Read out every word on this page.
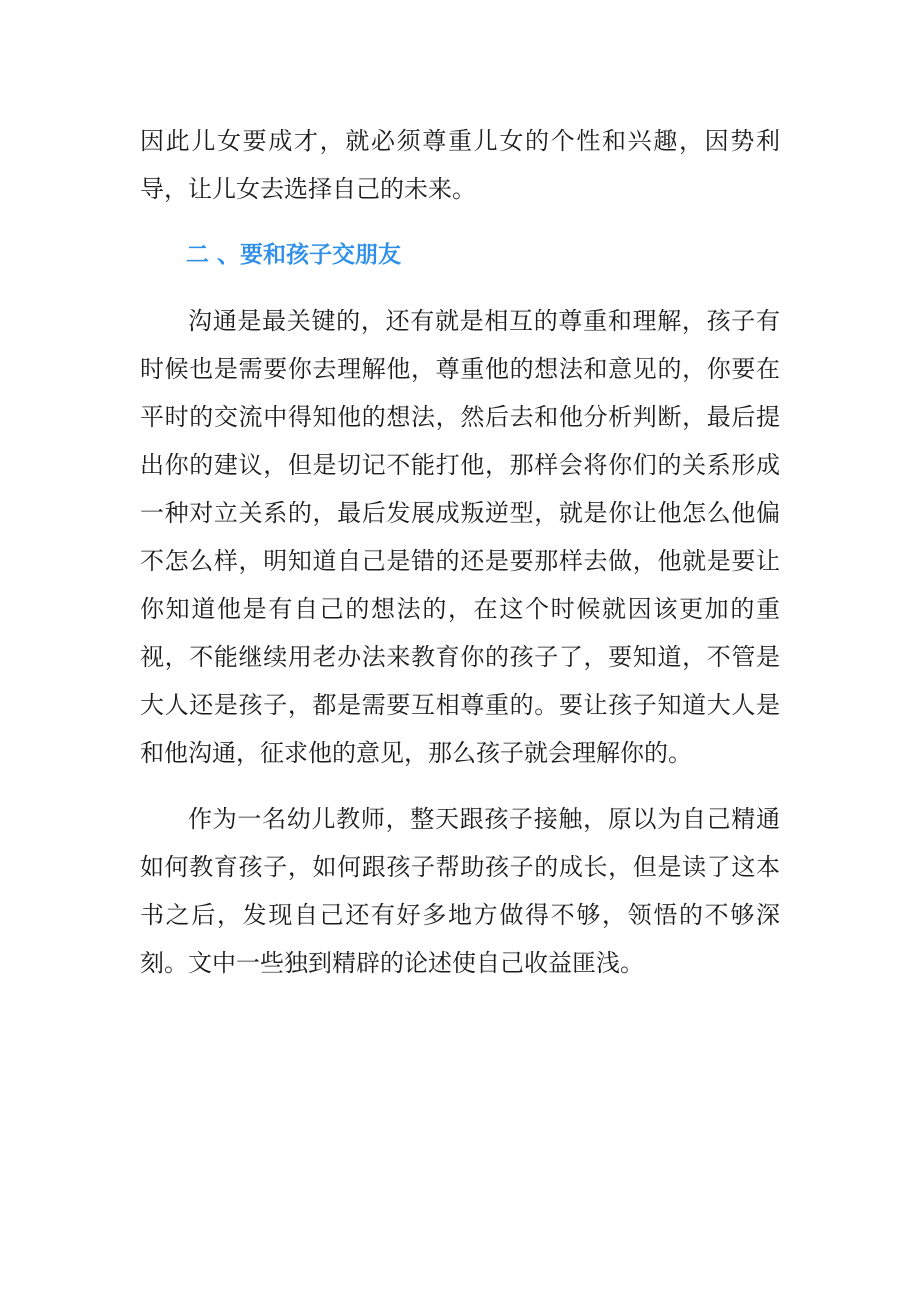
因此儿女要成才，就必须尊重儿女的个性和兴趣，因势利导，让儿女去选择自己的未来。

二 、要和孩子交朋友

沟通是最关键的，还有就是相互的尊重和理解，孩子有时候也是需要你去理解他，尊重他的想法和意见的，你要在平时的交流中得知他的想法，然后去和他分析判断，最后提出你的建议，但是切记不能打他，那样会将你们的关系形成一种对立关系的，最后发展成叛逆型，就是你让他怎么他偏不怎么样，明知道自己是错的还是要那样去做，他就是要让你知道他是有自己的想法的，在这个时候就因该更加的重视，不能继续用老办法来教育你的孩子了，要知道，不管是大人还是孩子，都是需要互相尊重的。要让孩子知道大人是和他沟通，征求他的意见，那么孩子就会理解你的。

作为一名幼儿教师，整天跟孩子接触，原以为自己精通如何教育孩子，如何跟孩子帮助孩子的成长，但是读了这本书之后，发现自己还有好多地方做得不够，领悟的不够深刻。文中一些独到精辟的论述使自己收益匪浅。
